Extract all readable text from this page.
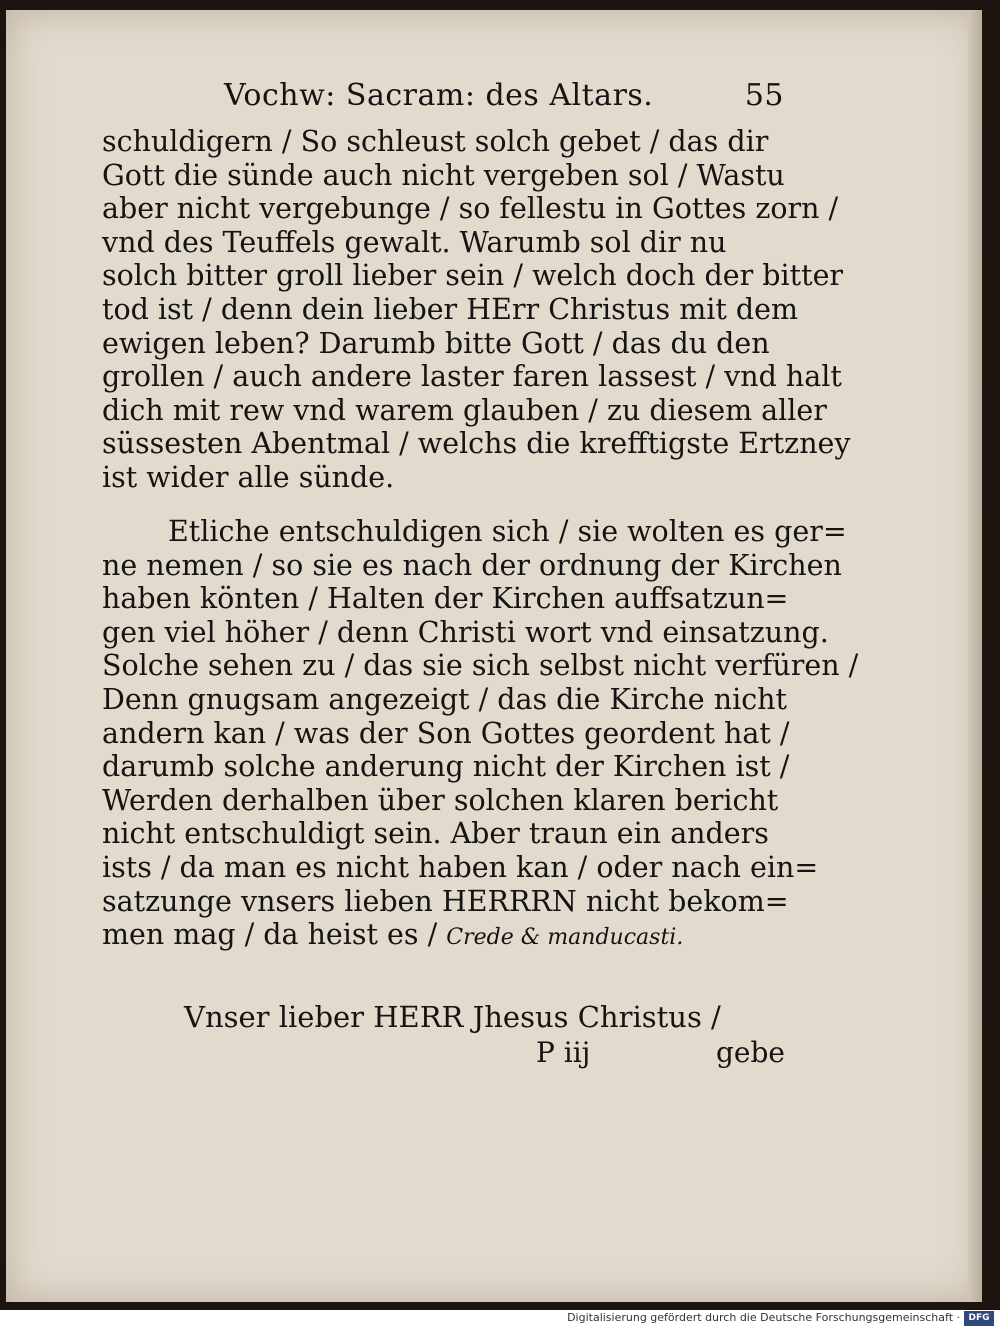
Vochw: Sacram: des Altars.	55
schuldigern / So schleust solch gebet / das dir
Gott die sünde auch nicht vergeben sol / Wastu
aber nicht vergebunge / so fellestu in Gottes zorn /
vnd des Teuffels gewalt. Warumb sol dir nu
solch bitter groll lieber sein / welch doch der bitter
tod ist / denn dein lieber HErr Christus mit dem
ewigen leben? Darumb bitte Gott / das du den
grollen / auch andere laster faren lassest / vnd halt
dich mit rew vnd warem glauben / zu diesem aller
süssesten Abentmal / welchs die krefftigste Ertzney
ist wider alle sünde.
Etliche entschuldigen sich / sie wolten es ger=
ne nemen / so sie es nach der ordnung der Kirchen
haben könten / Halten der Kirchen auffsatzun=
gen viel höher / denn Christi wort vnd einsatzung.
Solche sehen zu / das sie sich selbst nicht verfüren /
Denn gnugsam angezeigt / das die Kirche nicht
andern kan / was der Son Gottes geordent hat /
darumb solche anderung nicht der Kirchen ist /
Werden derhalben über solchen klaren bericht
nicht entschuldigt sein. Aber traun ein anders
ists / da man es nicht haben kan / oder nach ein=
satzunge vnsers lieben HERRRN nicht bekom=
men mag / da heist es / Crede & manducasti.
Vnser lieber HERR Jhesus Christus /
P iij	gebe
Digitalisierung gefördert durch die Deutsche Forschungsgemeinschaft · DFG
